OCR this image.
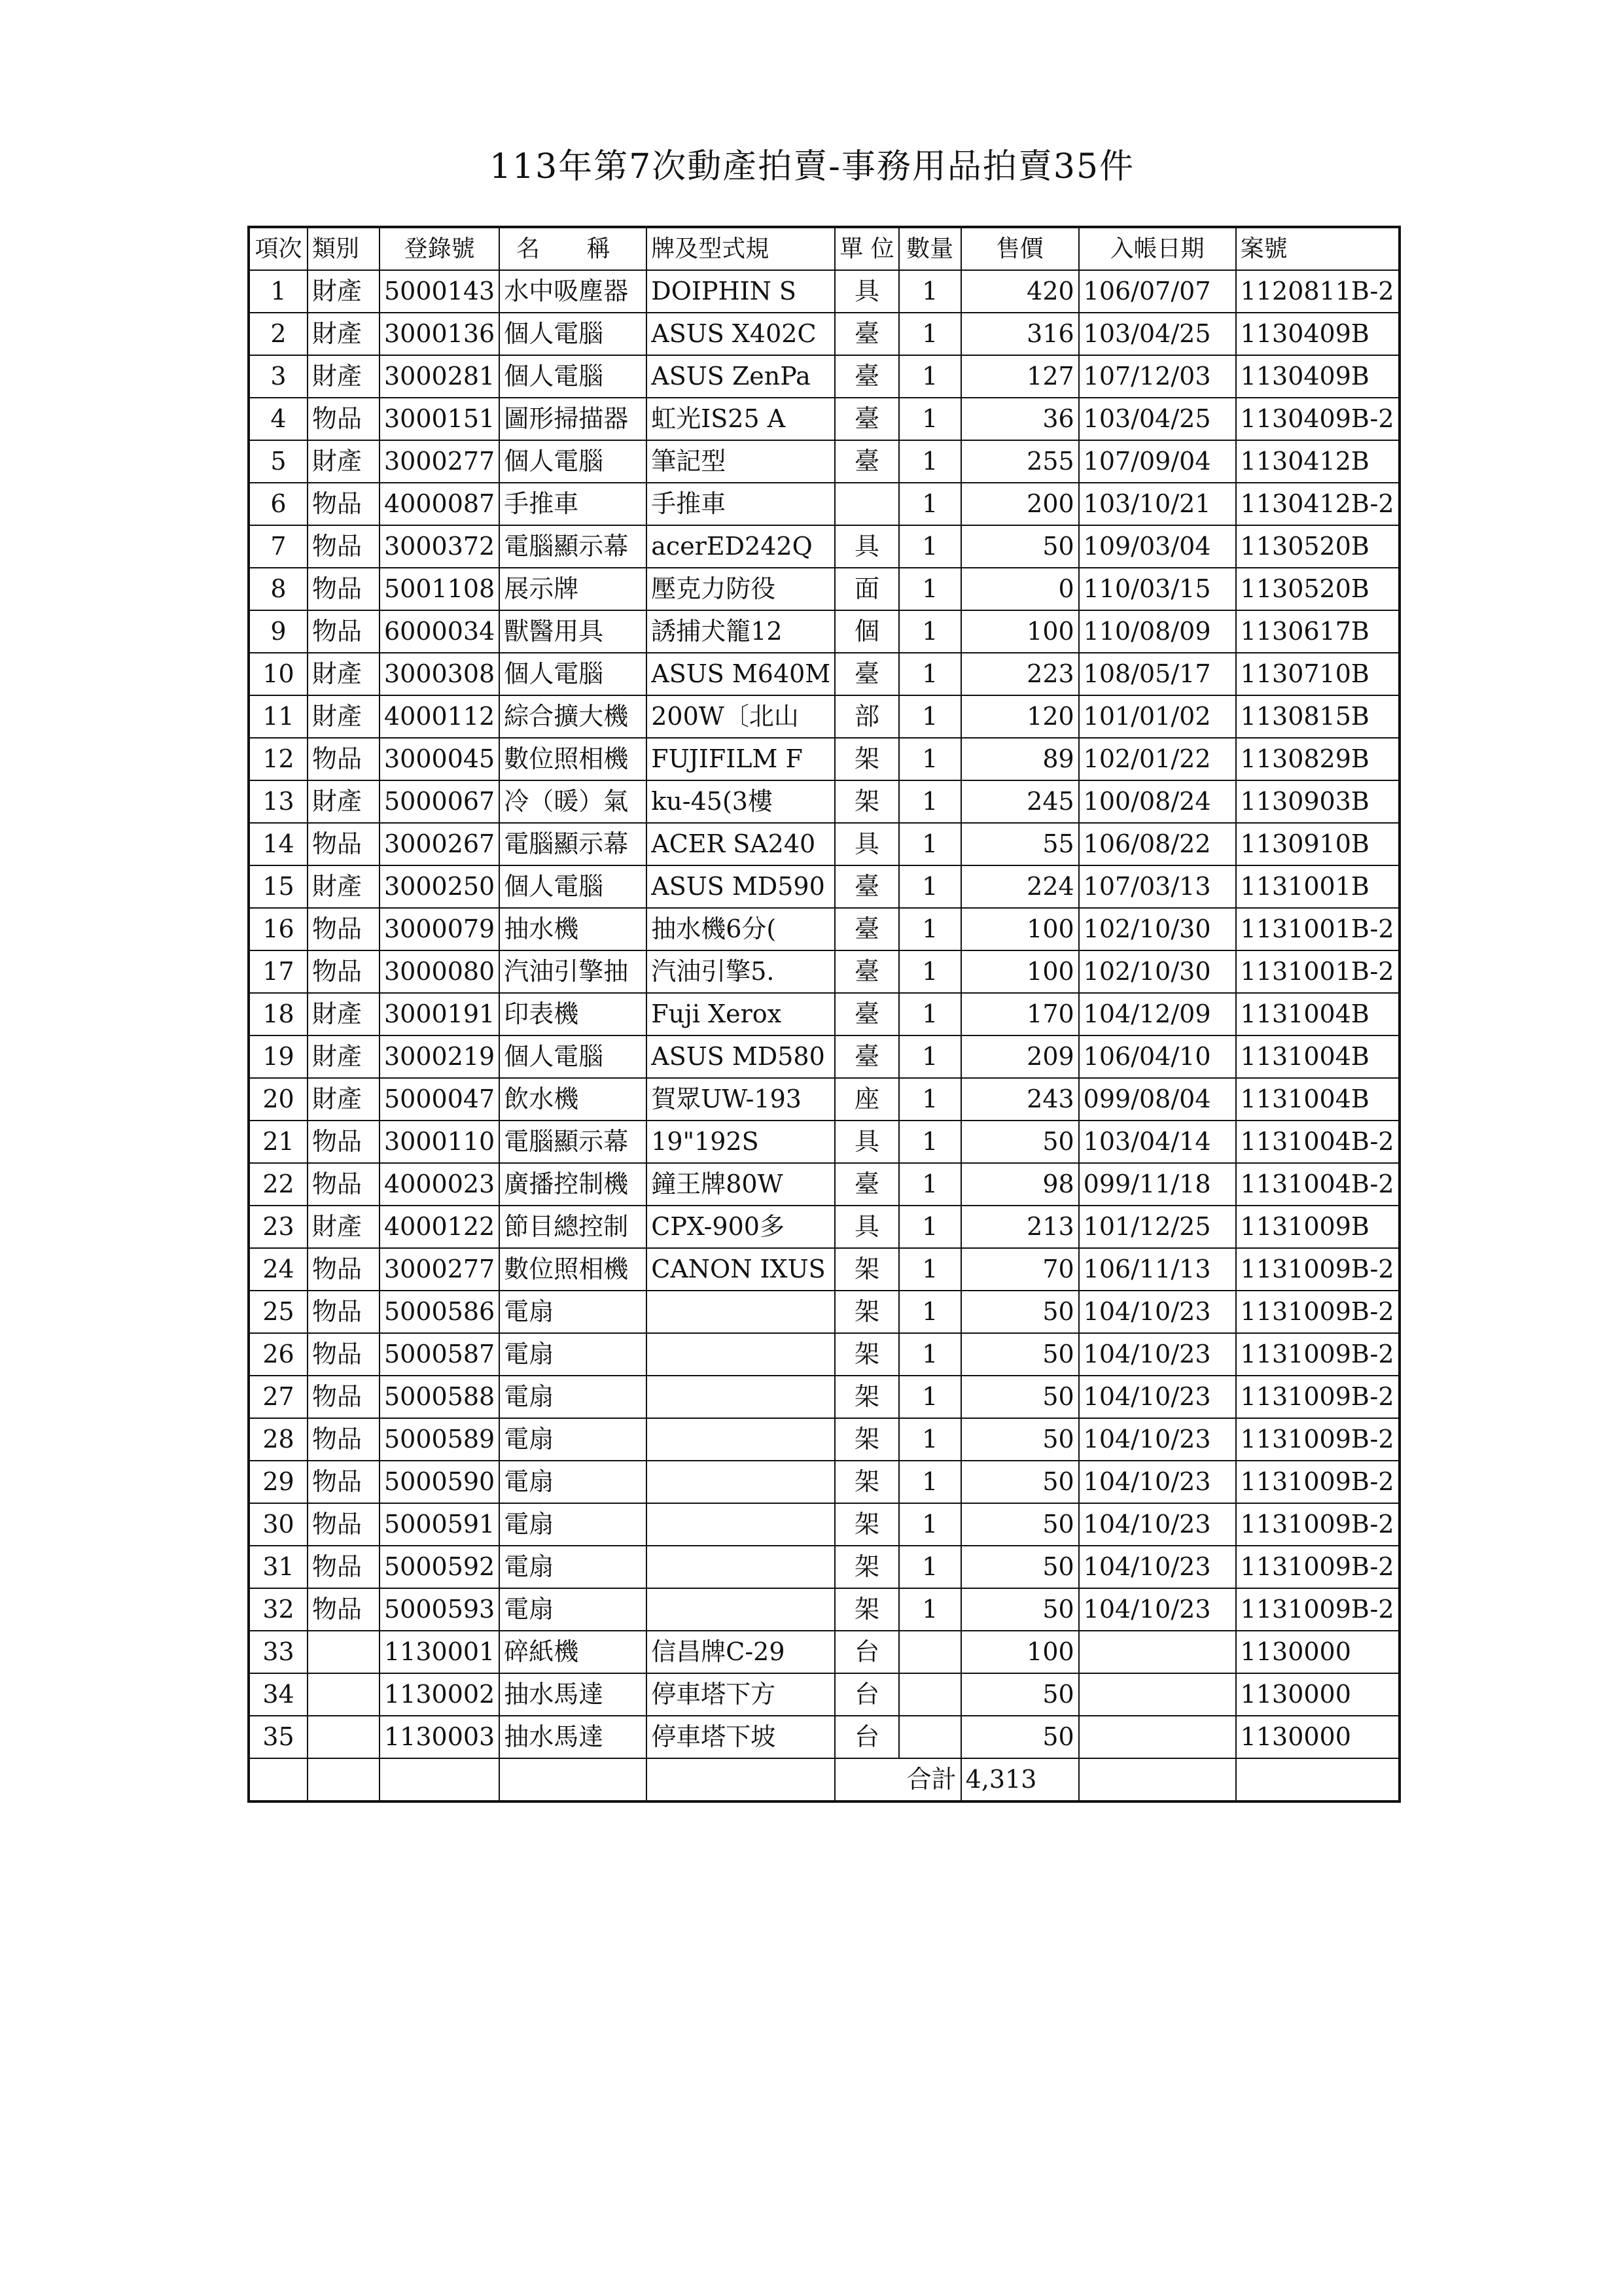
113年第7次動產拍賣-事務用品拍賣35件
項次	類別	登錄號	名 稱	牌及型式規	單 位	數量	售價	入帳日期	案號
1	財產	5000143	水中吸塵器	DOIPHIN S	具	1	420	106/07/07	1120811B-2
2	財產	3000136	個人電腦	ASUS X402C	臺	1	316	103/04/25	1130409B
3	財產	3000281	個人電腦	ASUS ZenPa	臺	1	127	107/12/03	1130409B
4	物品	3000151	圖形掃描器	虹光IS25 A	臺	1	36	103/04/25	1130409B-2
5	財產	3000277	個人電腦	筆記型	臺	1	255	107/09/04	1130412B
6	物品	4000087	手推車	手推車		1	200	103/10/21	1130412B-2
7	物品	3000372	電腦顯示幕	acerED242Q	具	1	50	109/03/04	1130520B
8	物品	5001108	展示牌	壓克力防役	面	1	0	110/03/15	1130520B
9	物品	6000034	獸醫用具	誘捕犬籠12	個	1	100	110/08/09	1130617B
10	財產	3000308	個人電腦	ASUS M640M	臺	1	223	108/05/17	1130710B
11	財產	4000112	綜合擴大機	200W〔北山	部	1	120	101/01/02	1130815B
12	物品	3000045	數位照相機	FUJIFILM F	架	1	89	102/01/22	1130829B
13	財產	5000067	冷（暖）氣	ku-45(3樓	架	1	245	100/08/24	1130903B
14	物品	3000267	電腦顯示幕	ACER SA240	具	1	55	106/08/22	1130910B
15	財產	3000250	個人電腦	ASUS MD590	臺	1	224	107/03/13	1131001B
16	物品	3000079	抽水機	抽水機6分(	臺	1	100	102/10/30	1131001B-2
17	物品	3000080	汽油引擎抽	汽油引擎5.	臺	1	100	102/10/30	1131001B-2
18	財產	3000191	印表機	Fuji Xerox	臺	1	170	104/12/09	1131004B
19	財產	3000219	個人電腦	ASUS MD580	臺	1	209	106/04/10	1131004B
20	財產	5000047	飲水機	賀眾UW-193	座	1	243	099/08/04	1131004B
21	物品	3000110	電腦顯示幕	19"192S	具	1	50	103/04/14	1131004B-2
22	物品	4000023	廣播控制機	鐘王牌80W	臺	1	98	099/11/18	1131004B-2
23	財產	4000122	節目總控制	CPX-900多	具	1	213	101/12/25	1131009B
24	物品	3000277	數位照相機	CANON IXUS	架	1	70	106/11/13	1131009B-2
25	物品	5000586	電扇		架	1	50	104/10/23	1131009B-2
26	物品	5000587	電扇		架	1	50	104/10/23	1131009B-2
27	物品	5000588	電扇		架	1	50	104/10/23	1131009B-2
28	物品	5000589	電扇		架	1	50	104/10/23	1131009B-2
29	物品	5000590	電扇		架	1	50	104/10/23	1131009B-2
30	物品	5000591	電扇		架	1	50	104/10/23	1131009B-2
31	物品	5000592	電扇		架	1	50	104/10/23	1131009B-2
32	物品	5000593	電扇		架	1	50	104/10/23	1131009B-2
33		1130001	碎紙機	信昌牌C-29	台		100		1130000
34		1130002	抽水馬達	停車塔下方	台		50		1130000
35		1130003	抽水馬達	停車塔下坡	台		50		1130000
						合計	4,313		
